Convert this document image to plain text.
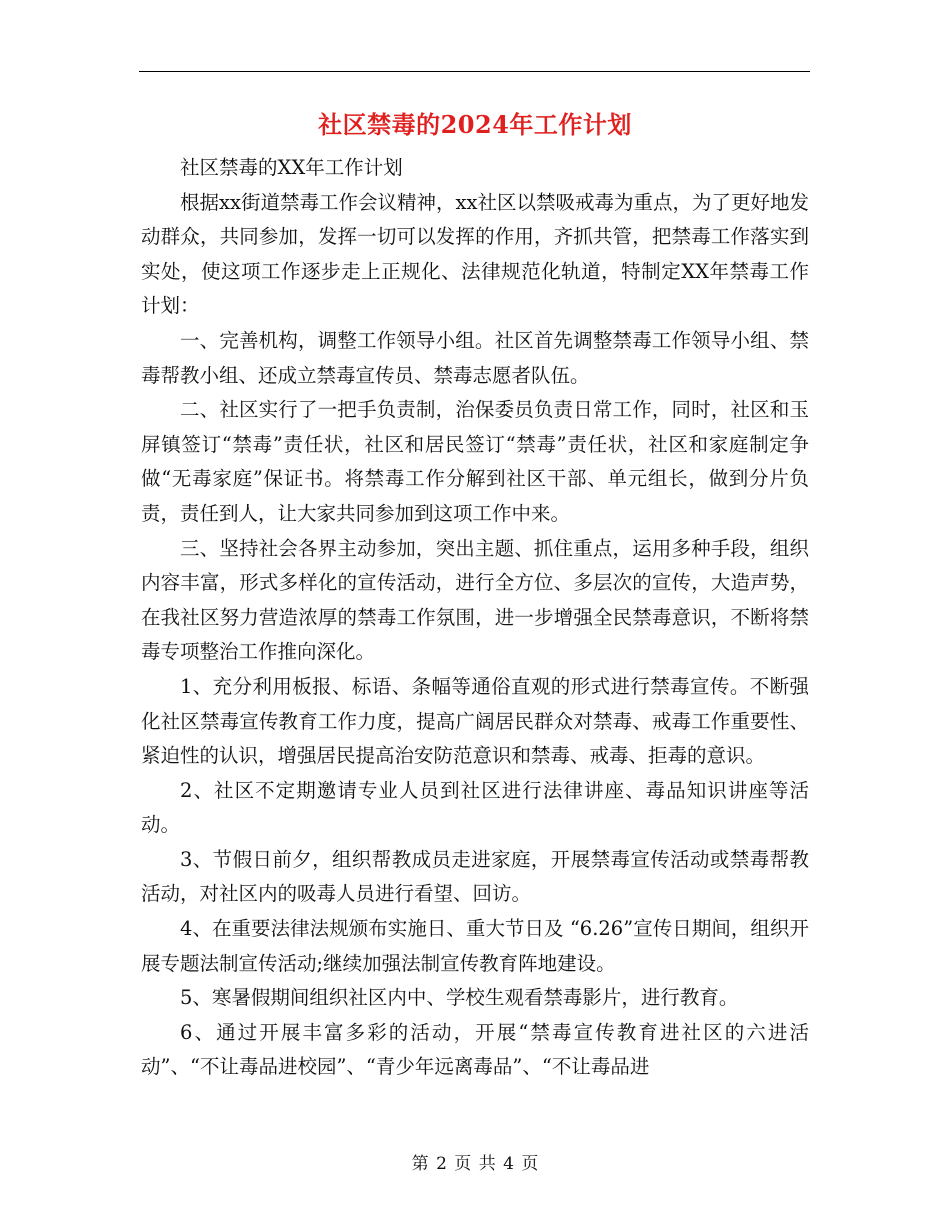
社区禁毒的2024年工作计划

社区禁毒的XX年工作计划

根据xx街道禁毒工作会议精神，xx社区以禁吸戒毒为重点，为了更好地发动群众，共同参加，发挥一切可以发挥的作用，齐抓共管，把禁毒工作落实到实处，使这项工作逐步走上正规化、法律规范化轨道，特制定XX年禁毒工作计划：

一、完善机构，调整工作领导小组。社区首先调整禁毒工作领导小组、禁毒帮教小组、还成立禁毒宣传员、禁毒志愿者队伍。

二、社区实行了一把手负责制，治保委员负责日常工作，同时，社区和玉屏镇签订“禁毒”责任状，社区和居民签订“禁毒”责任状，社区和家庭制定争做“无毒家庭”保证书。将禁毒工作分解到社区干部、单元组长，做到分片负责，责任到人，让大家共同参加到这项工作中来。

三、坚持社会各界主动参加，突出主题、抓住重点，运用多种手段，组织内容丰富，形式多样化的宣传活动，进行全方位、多层次的宣传，大造声势，在我社区努力营造浓厚的禁毒工作氛围，进一步增强全民禁毒意识，不断将禁毒专项整治工作推向深化。

1、充分利用板报、标语、条幅等通俗直观的形式进行禁毒宣传。不断强化社区禁毒宣传教育工作力度，提高广阔居民群众对禁毒、戒毒工作重要性、紧迫性的认识，增强居民提高治安防范意识和禁毒、戒毒、拒毒的意识。

2、社区不定期邀请专业人员到社区进行法律讲座、毒品知识讲座等活动。

3、节假日前夕，组织帮教成员走进家庭，开展禁毒宣传活动或禁毒帮教活动，对社区内的吸毒人员进行看望、回访。

4、在重要法律法规颁布实施日、重大节日及 “6.26”宣传日期间，组织开展专题法制宣传活动;继续加强法制宣传教育阵地建设。

5、寒暑假期间组织社区内中、学校生观看禁毒影片，进行教育。

6、通过开展丰富多彩的活动，开展“禁毒宣传教育进社区的六进活动”、“不让毒品进校园”、“青少年远离毒品”、“不让毒品进

第 2 页 共 4 页
